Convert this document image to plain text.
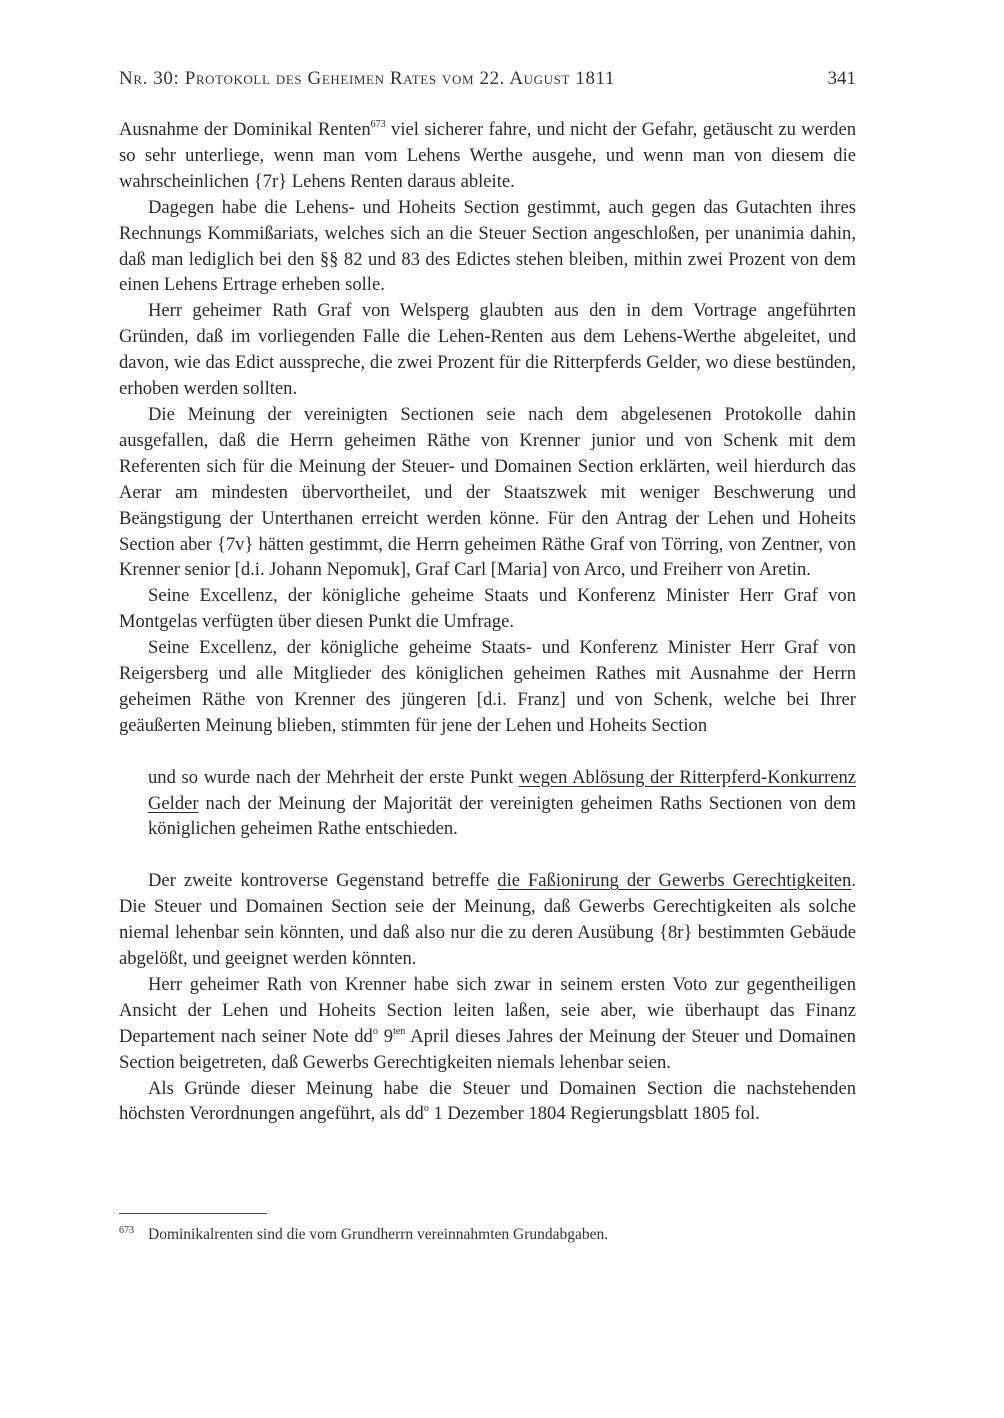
Nr. 30: Protokoll des Geheimen Rates vom 22. August 1811	341

Ausnahme der Dominikal Renten$^{673}$ viel sicherer fahre, und nicht der Gefahr, getäuscht zu werden so sehr unterliege, wenn man vom Lehens Werthe ausgehe, und wenn man von diesem die wahrscheinlichen {7r} Lehens Renten daraus ableite.

Dagegen habe die Lehens- und Hoheits Section gestimmt, auch gegen das Gutachten ihres Rechnungs Kommißariats, welches sich an die Steuer Section angeschloßen, per unanimia dahin, daß man lediglich bei den §§ 82 und 83 des Edictes stehen bleiben, mithin zwei Prozent von dem einen Lehens Ertrage erheben solle.

Herr geheimer Rath Graf von Welsperg glaubten aus den in dem Vortrage angeführten Gründen, daß im vorliegenden Falle die Lehen-Renten aus dem Lehens-Werthe abgeleitet, und davon, wie das Edict ausspreche, die zwei Prozent für die Ritterpferds Gelder, wo diese bestünden, erhoben werden sollten.

Die Meinung der vereinigten Sectionen seie nach dem abgelesenen Protokolle dahin ausgefallen, daß die Herrn geheimen Räthe von Krenner junior und von Schenk mit dem Referenten sich für die Meinung der Steuer- und Domainen Section erklärten, weil hierdurch das Aerar am mindesten übervortheilet, und der Staatszwek mit weniger Beschwerung und Beängstigung der Unterthanen erreicht werden könne. Für den Antrag der Lehen und Hoheits Section aber {7v} hätten gestimmt, die Herrn geheimen Räthe Graf von Törring, von Zentner, von Krenner senior [d.i. Johann Nepomuk], Graf Carl [Maria] von Arco, und Freiherr von Aretin.

Seine Excellenz, der königliche geheime Staats und Konferenz Minister Herr Graf von Montgelas verfügten über diesen Punkt die Umfrage.

Seine Excellenz, der königliche geheime Staats- und Konferenz Minister Herr Graf von Reigersberg und alle Mitglieder des königlichen geheimen Rathes mit Ausnahme der Herrn geheimen Räthe von Krenner des jüngeren [d.i. Franz] und von Schenk, welche bei Ihrer geäußerten Meinung blieben, stimmten für jene der Lehen und Hoheits Section

und so wurde nach der Mehrheit der erste Punkt wegen Ablösung der Ritterpferd-Konkurrenz Gelder nach der Meinung der Majorität der vereinigten geheimen Raths Sectionen von dem königlichen geheimen Rathe entschieden.

Der zweite kontroverse Gegenstand betreffe die Faßionirung der Gewerbs Gerechtigkeiten. Die Steuer und Domainen Section seie der Meinung, daß Gewerbs Gerechtigkeiten als solche niemal lehenbar sein könnten, und daß also nur die zu deren Ausübung {8r} bestimmten Gebäude abgelößt, und geeignet werden könnten.

Herr geheimer Rath von Krenner habe sich zwar in seinem ersten Voto zur gegentheiligen Ansicht der Lehen und Hoheits Section leiten laßen, seie aber, wie überhaupt das Finanz Departement nach seiner Note $dd^o$ $9^{ten}$ April dieses Jahres der Meinung der Steuer und Domainen Section beigetreten, daß Gewerbs Gerechtigkeiten niemals lehenbar seien.

Als Gründe dieser Meinung habe die Steuer und Domainen Section die nachstehenden höchsten Verordnungen angeführt, als $dd^o$ 1 Dezember 1804 Regierungsblatt 1805 fol.

$^{673}$ Dominikalrenten sind die vom Grundherrn vereinnahmten Grundabgaben.
